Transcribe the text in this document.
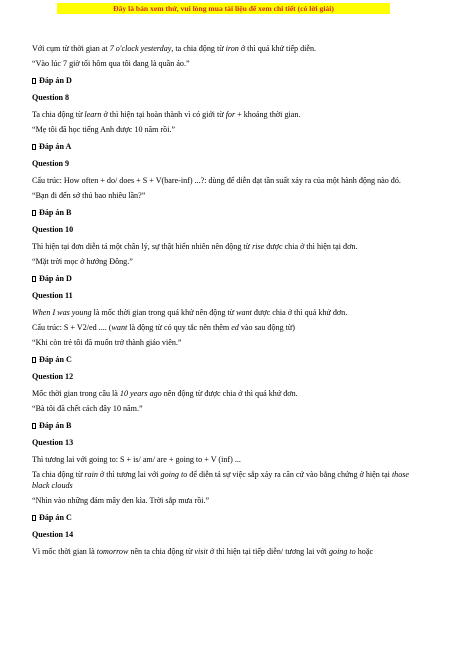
Đây là bản xem thử, vui lòng mua tài liệu để xem chi tiết (có lời giải)
Với cụm từ thời gian at 7 o'clock yesterday, ta chia động từ iron ở thì quá khứ tiếp diễn.
“Vào lúc 7 giờ tối hôm qua tôi đang là quần áo.”
Đáp án D
Question 8
Ta chia động từ learn ở thì hiện tại hoàn thành vì có giới từ for + khoảng thời gian.
“Mẹ tôi đã học tiếng Anh được 10 năm rồi.”
Đáp án A
Question 9
Cấu trúc: How often + do/ does + S + V(bare-inf) ...?: dùng để diễn đạt tần suất xảy ra của một hành động nào đó.
“Bạn đi đến sở thú bao nhiêu lần?”
Đáp án B
Question 10
Thì hiện tại đơn diễn tả một chân lý, sự thật hiển nhiên nên động từ rise được chia ở thì hiện tại đơn.
“Mặt trời mọc ở hướng Đông.”
Đáp án D
Question 11
When I was young là mốc thời gian trong quá khứ nên động từ want được chia ở thì quá khứ đơn.
Cấu trúc: S + V2/ed .... (want là động từ có quy tắc nên thêm ed vào sau động từ)
“Khi còn trẻ tôi đã muốn trở thành giáo viên.”
Đáp án C
Question 12
Mốc thời gian trong câu là 10 years ago nên động từ được chia ở thì quá khứ đơn.
“Bà tôi đã chết cách đây 10 năm.”
Đáp án B
Question 13
Thì tương lai với going to: S + is/ am/ are + going to + V (inf) ...
Ta chia động từ rain ở thì tương lai với going to để diễn tả sự việc sắp xảy ra căn cứ vào bằng chứng ở hiện tại those black clouds
“Nhìn vào những đám mây đen kìa. Trời sắp mưa rồi.”
Đáp án C
Question 14
Vì mốc thời gian là tomorrow nên ta chia động từ visit ở thì hiện tại tiếp diễn/ tương lai với going to hoặc
